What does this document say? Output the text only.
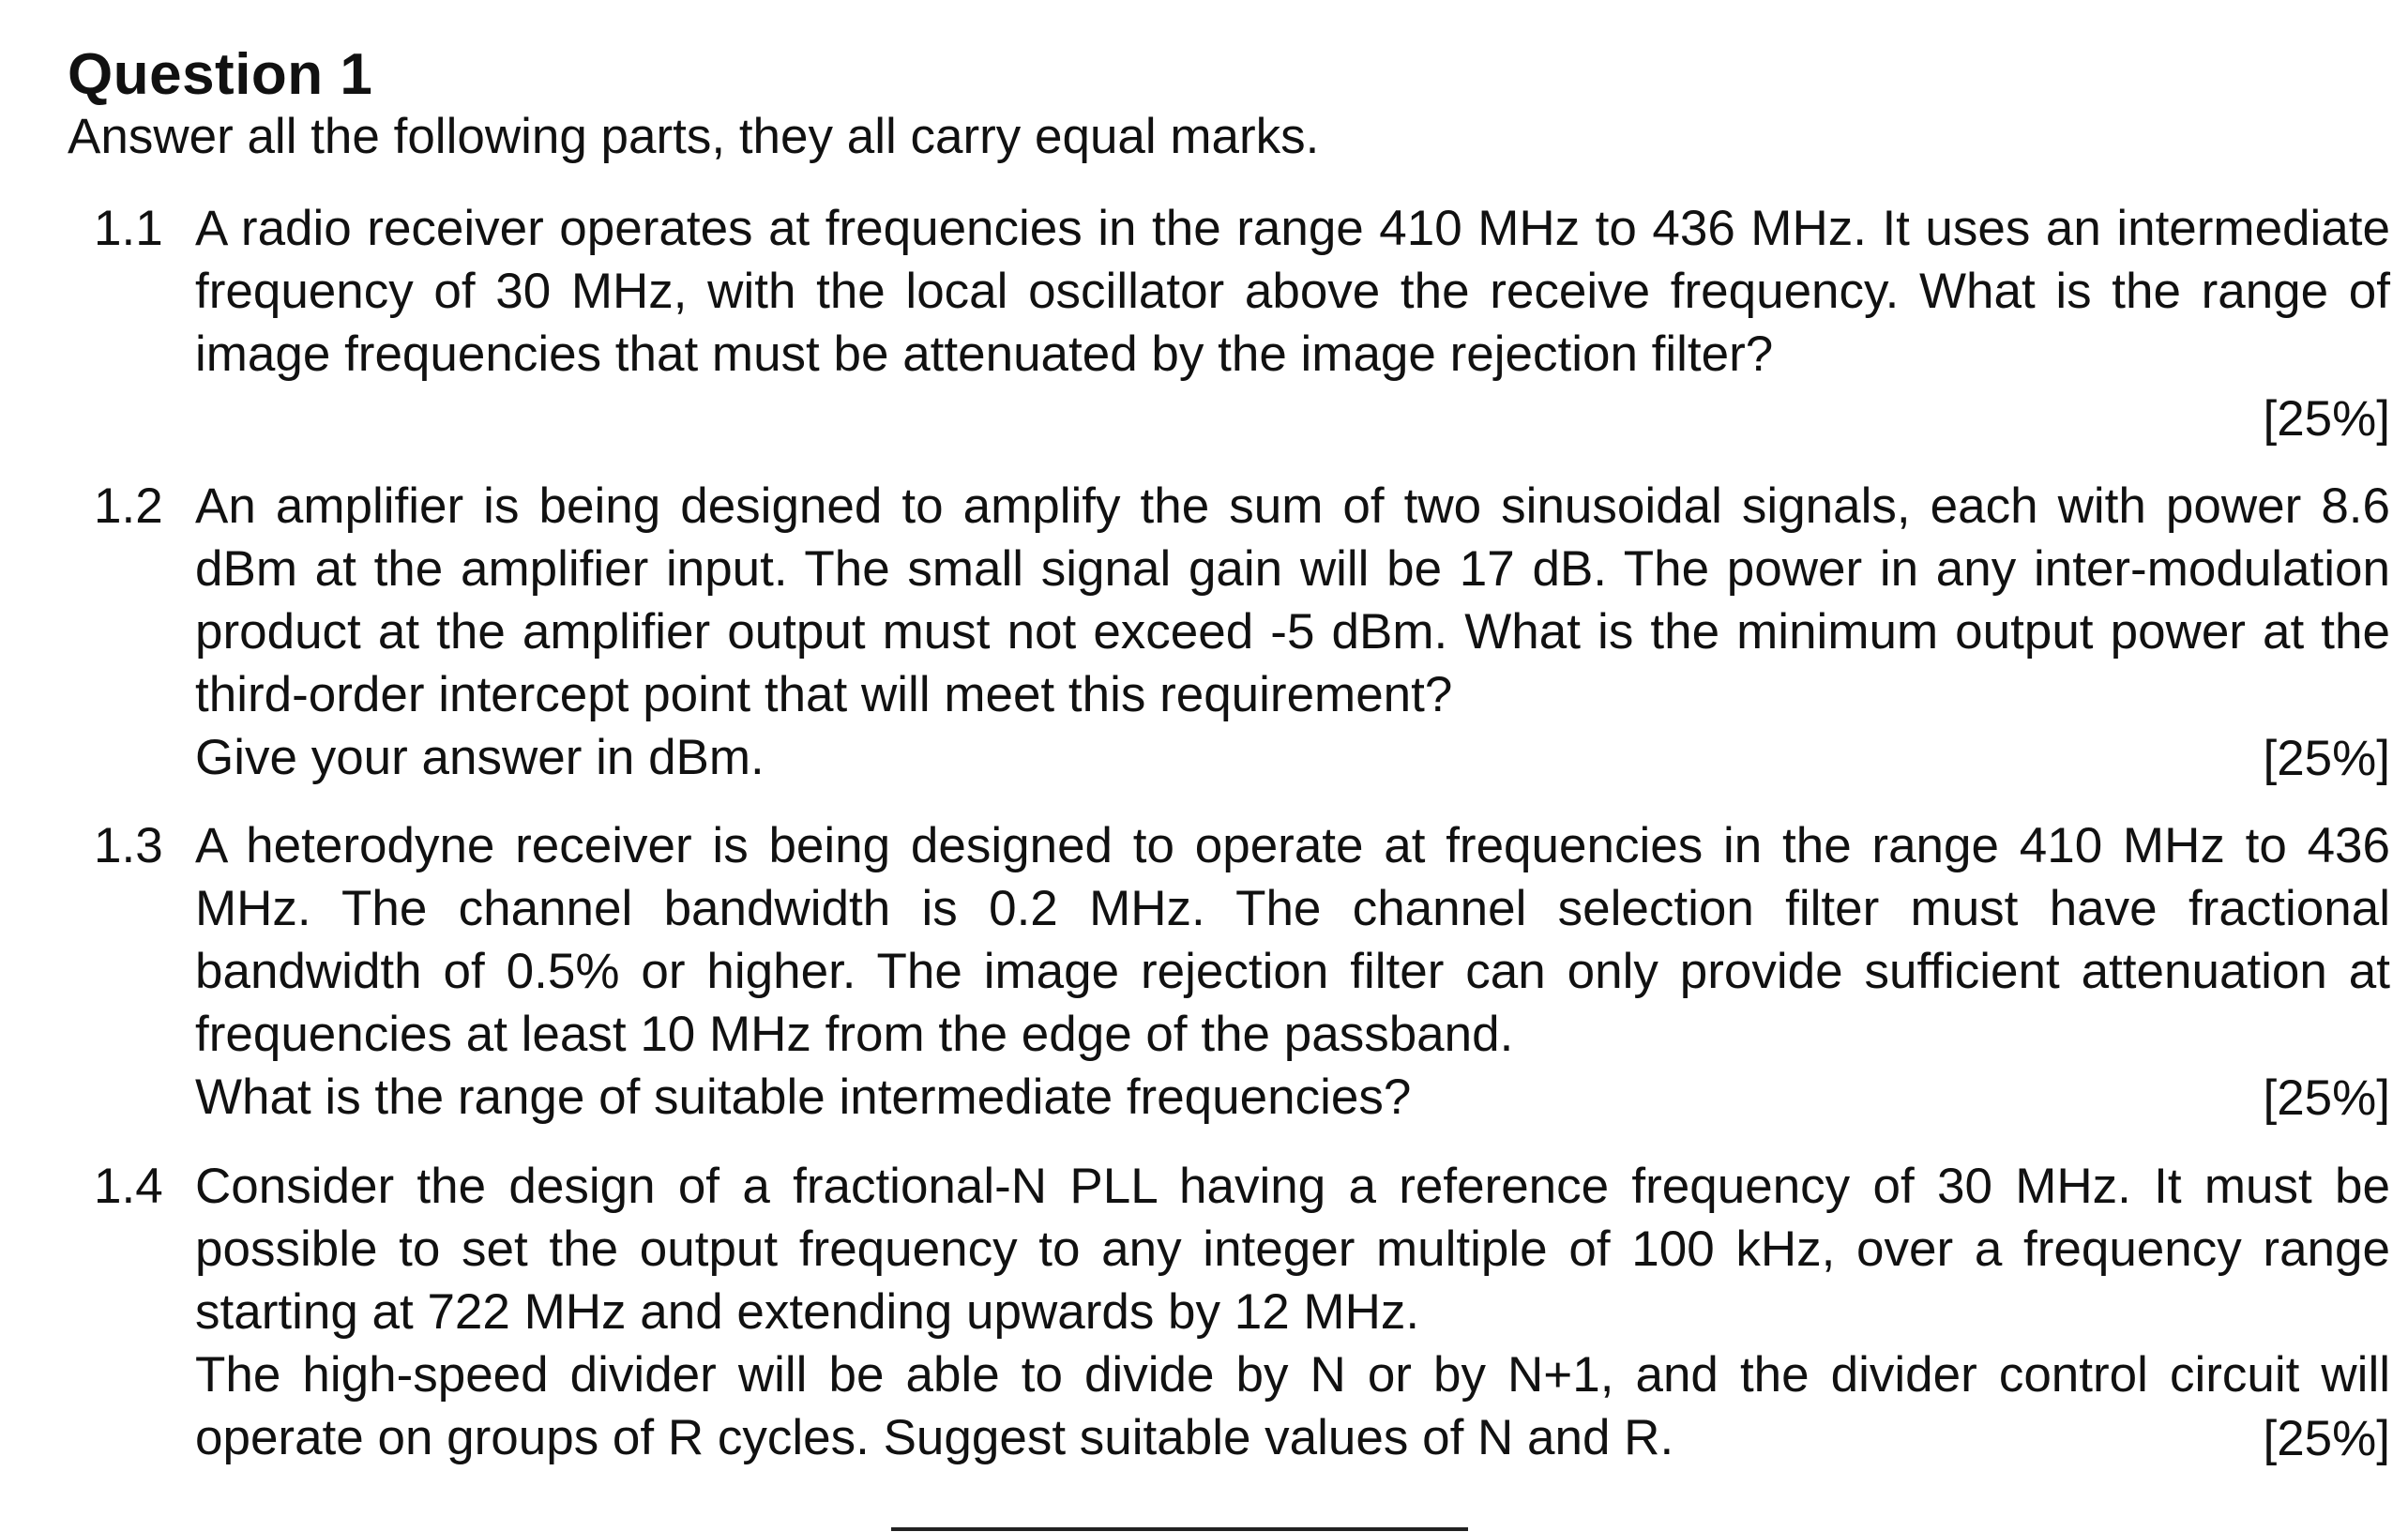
Question 1
Answer all the following parts, they all carry equal marks.
1.1 A radio receiver operates at frequencies in the range 410 MHz to 436 MHz. It uses an intermediate frequency of 30 MHz, with the local oscillator above the receive frequency. What is the range of image frequencies that must be attenuated by the image rejection filter?

[25%]
1.2 An amplifier is being designed to amplify the sum of two sinusoidal signals, each with power 8.6 dBm at the amplifier input. The small signal gain will be 17 dB. The power in any inter-modulation product at the amplifier output must not exceed -5 dBm. What is the minimum output power at the third-order intercept point that will meet this requirement?

Give your answer in dBm.	[25%]
1.3 A heterodyne receiver is being designed to operate at frequencies in the range 410 MHz to 436 MHz. The channel bandwidth is 0.2 MHz. The channel selection filter must have fractional bandwidth of 0.5% or higher. The image rejection filter can only provide sufficient attenuation at frequencies at least 10 MHz from the edge of the passband.

What is the range of suitable intermediate frequencies?	[25%]
1.4 Consider the design of a fractional-N PLL having a reference frequency of 30 MHz. It must be possible to set the output frequency to any integer multiple of 100 kHz, over a frequency range starting at 722 MHz and extending upwards by 12 MHz.

The high-speed divider will be able to divide by N or by N+1, and the divider control circuit will operate on groups of R cycles. Suggest suitable values of N and R.	[25%]
